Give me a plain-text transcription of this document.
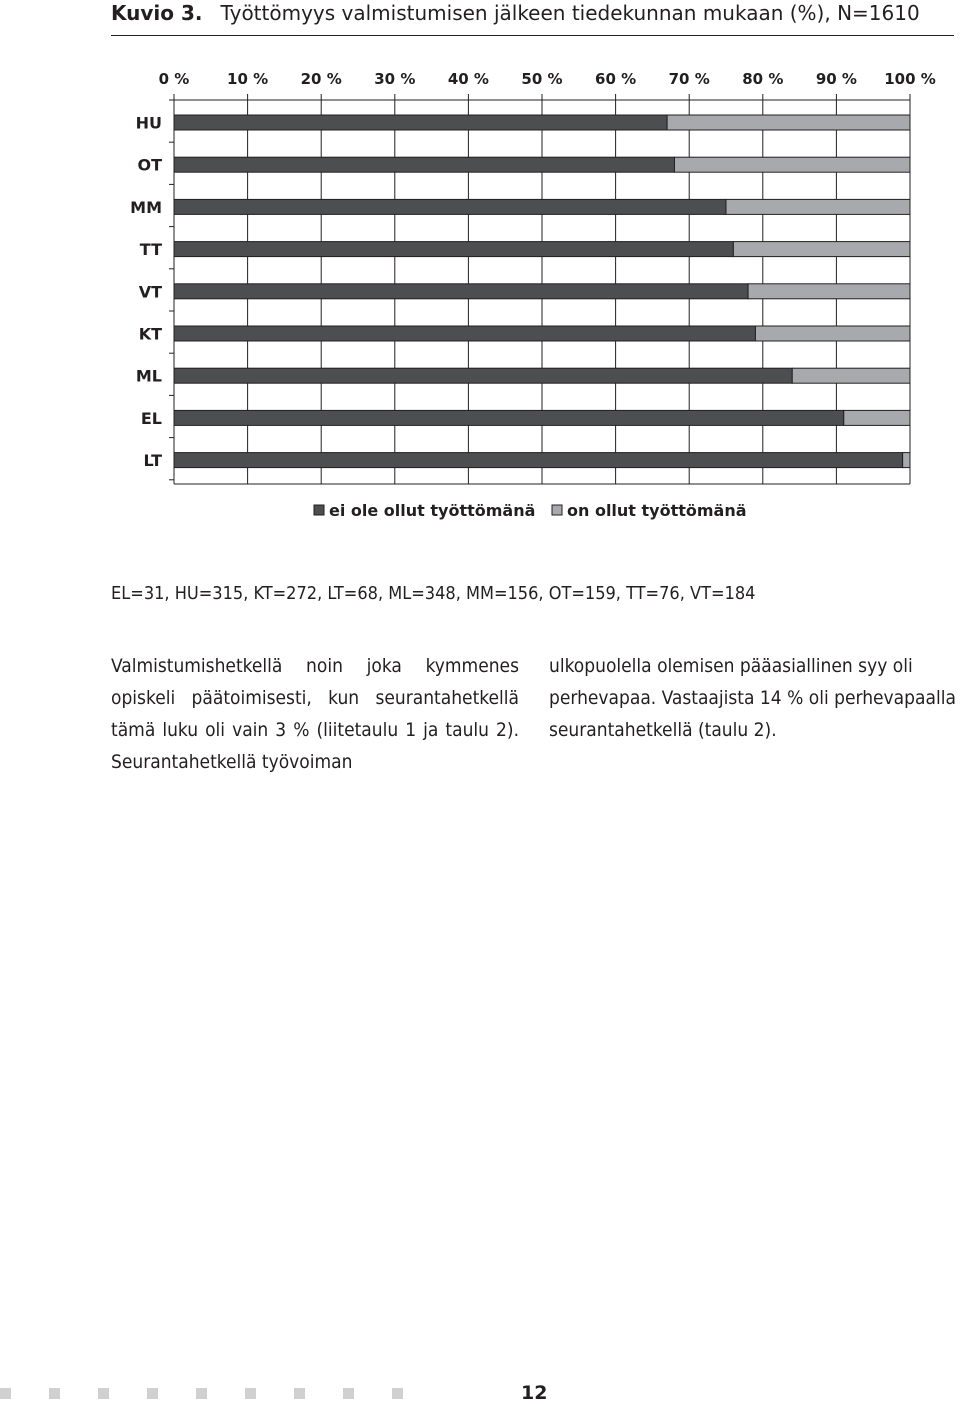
Kuvio 3. Työttömyys valmistumisen jälkeen tiedekunnan mukaan (%), N=1610
0 %	10 % 20 % 30 % 40 % 50 % 60 % 70 % 80 % 90 % 100 %
HU
OT
MM
TT
VT
KT
ML
EL
LT
ei ole ollut työttömänä on ollut työttömänä
EL=31, HU=315, KT=272, LT=68, ML=348, MM=156, OT=159, TT=76, VT=184
Valmistumishetkellä noin joka kymmenes opiskeli päätoimisesti, kun seurantahetkellä tämä luku oli vain 3 % (liitetaulu 1 ja taulu 2). Seurantahetkellä työvoiman
ulkopuolella olemisen pääasiallinen syy oli perhevapaa. Vastaajista 14 % oli perhevapaalla seurantahetkellä (taulu 2).
12
